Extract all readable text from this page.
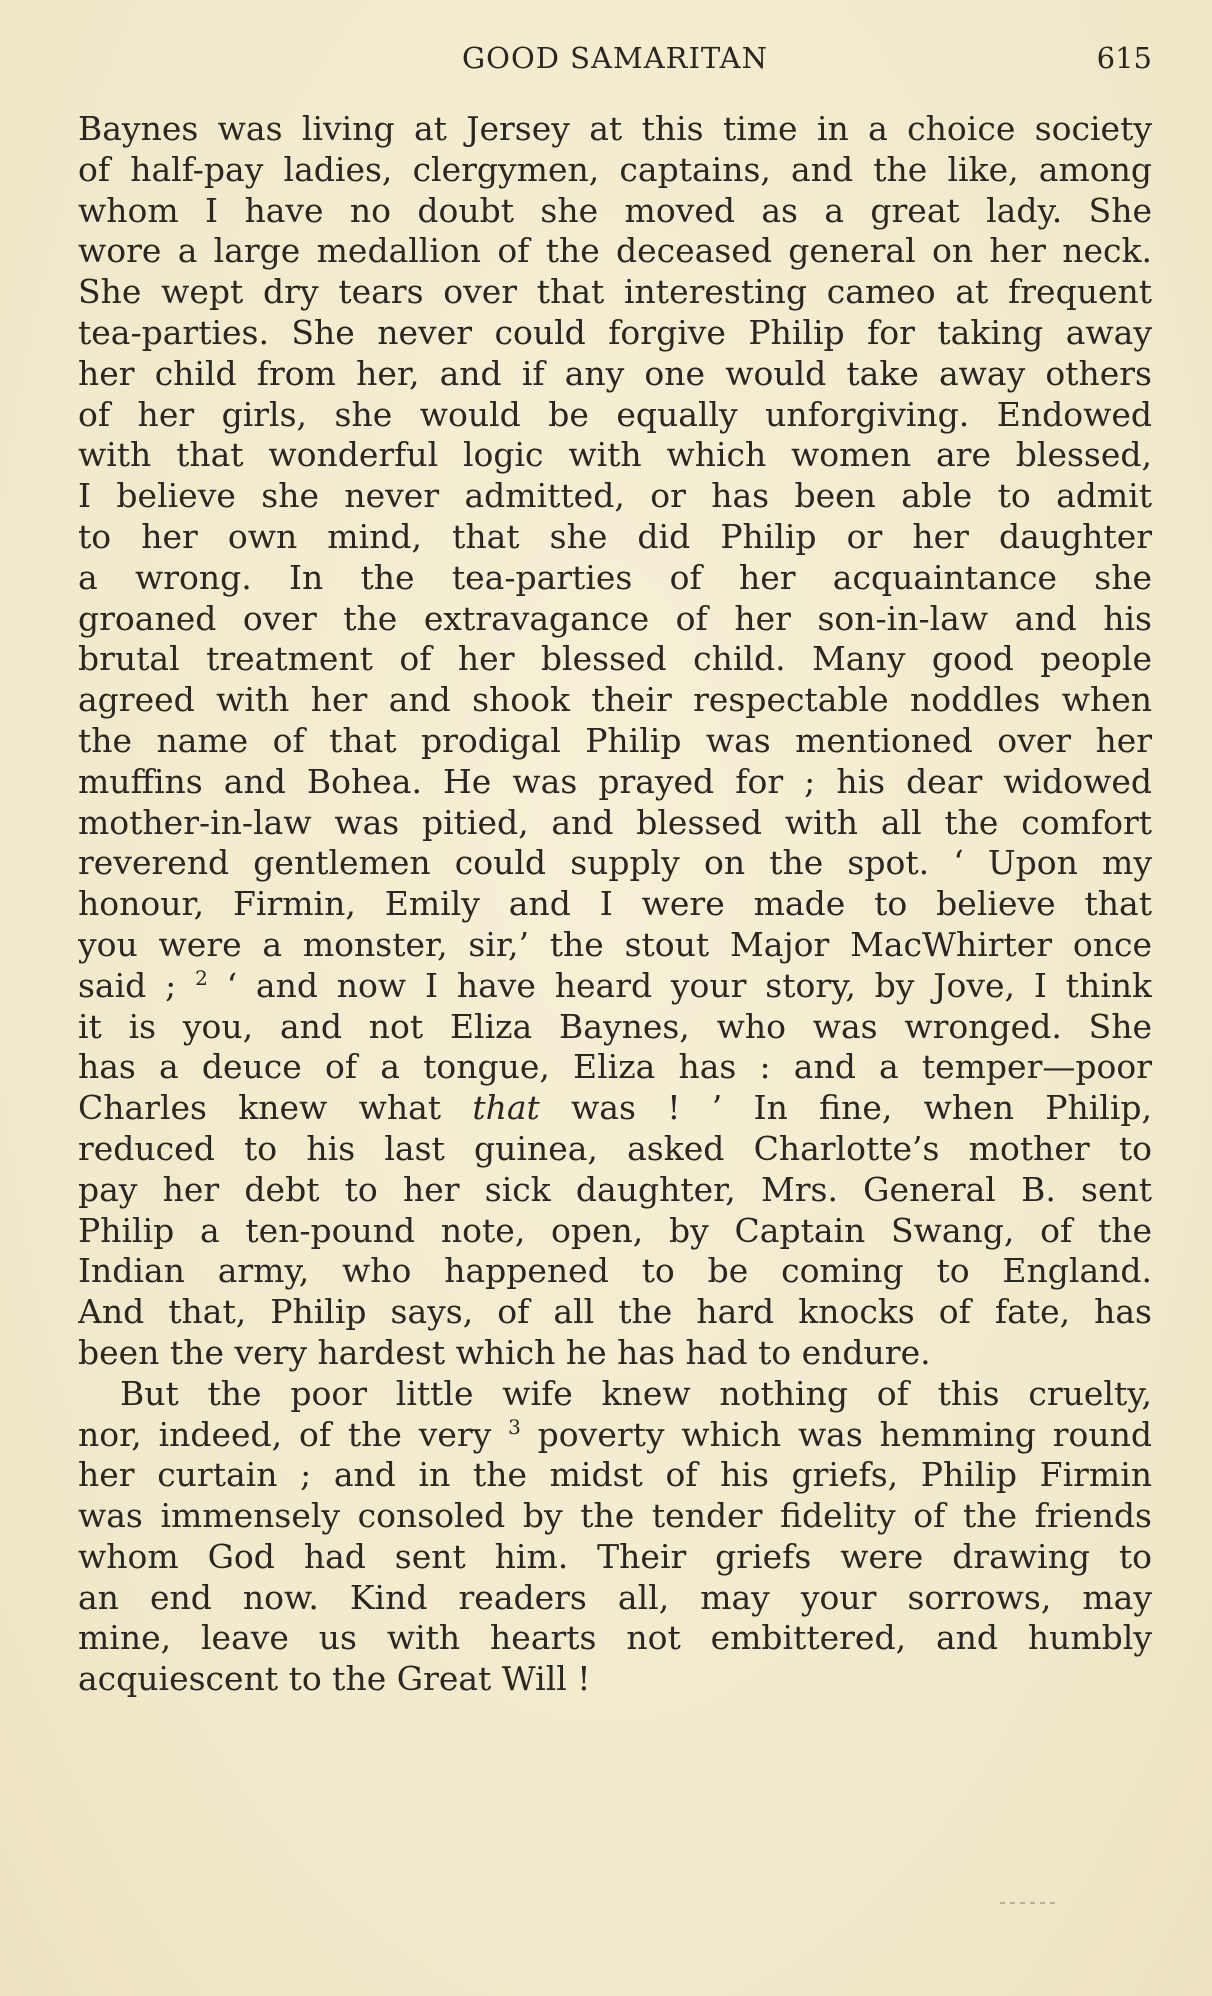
GOOD SAMARITAN	615
Baynes was living at Jersey at this time in a choice society
of half-pay ladies, clergymen, captains, and the like, among
whom I have no doubt she moved as a great lady. She
wore a large medallion of the deceased general on her neck.
She wept dry tears over that interesting cameo at frequent
tea-parties. She never could forgive Philip for taking away
her child from her, and if any one would take away others
of her girls, she would be equally unforgiving. Endowed
with that wonderful logic with which women are blessed,
I believe she never admitted, or has been able to admit
to her own mind, that she did Philip or her daughter
a wrong. In the tea-parties of her acquaintance she
groaned over the extravagance of her son-in-law and his
brutal treatment of her blessed child. Many good people
agreed with her and shook their respectable noddles when
the name of that prodigal Philip was mentioned over her
muffins and Bohea. He was prayed for ; his dear widowed
mother-in-law was pitied, and blessed with all the comfort
reverend gentlemen could supply on the spot. ‘ Upon my
honour, Firmin, Emily and I were made to believe that
you were a monster, sir,’ the stout Major MacWhirter once
said ; $^2$ ‘ and now I have heard your story, by Jove, I think
it is you, and not Eliza Baynes, who was wronged. She
has a deuce of a tongue, Eliza has : and a temper—poor
Charles knew what that was ! ’ In fine, when Philip,
reduced to his last guinea, asked Charlotte’s mother to
pay her debt to her sick daughter, Mrs. General B. sent
Philip a ten-pound note, open, by Captain Swang, of the
Indian army, who happened to be coming to England.
And that, Philip says, of all the hard knocks of fate, has
been the very hardest which he has had to endure.
But the poor little wife knew nothing of this cruelty,
nor, indeed, of the very $^3$ poverty which was hemming round
her curtain ; and in the midst of his griefs, Philip Firmin
was immensely consoled by the tender fidelity of the friends
whom God had sent him. Their griefs were drawing to
an end now. Kind readers all, may your sorrows, may
mine, leave us with hearts not embittered, and humbly
acquiescent to the Great Will !
